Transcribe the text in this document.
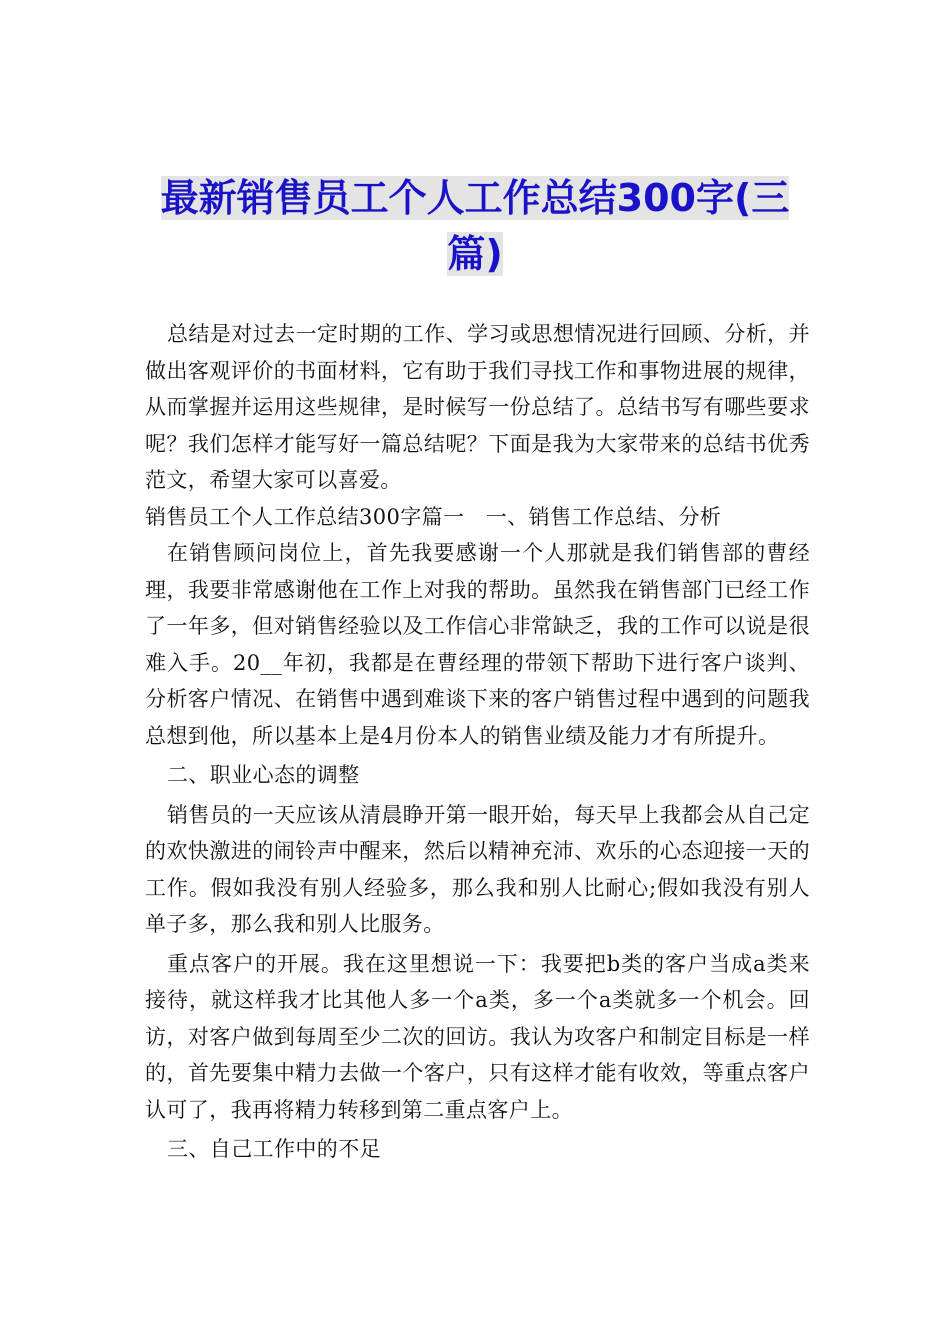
最新销售员工个人工作总结300字(三篇)

总结是对过去一定时期的工作、学习或思想情况进行回顾、分析，并做出客观评价的书面材料，它有助于我们寻找工作和事物进展的规律，从而掌握并运用这些规律，是时候写一份总结了。总结书写有哪些要求呢？我们怎样才能写好一篇总结呢？下面是我为大家带来的总结书优秀范文，希望大家可以喜爱。

销售员工个人工作总结300字篇一　一、销售工作总结、分析

在销售顾问岗位上，首先我要感谢一个人那就是我们销售部的曹经理，我要非常感谢他在工作上对我的帮助。虽然我在销售部门已经工作了一年多，但对销售经验以及工作信心非常缺乏，我的工作可以说是很难入手。20__年初，我都是在曹经理的带领下帮助下进行客户谈判、分析客户情况、在销售中遇到难谈下来的客户销售过程中遇到的问题我总想到他，所以基本上是4月份本人的销售业绩及能力才有所提升。

二、职业心态的调整

销售员的一天应该从清晨睁开第一眼开始，每天早上我都会从自己定的欢快激进的闹铃声中醒来，然后以精神充沛、欢乐的心态迎接一天的工作。假如我没有别人经验多，那么我和别人比耐心;假如我没有别人单子多，那么我和别人比服务。

重点客户的开展。我在这里想说一下：我要把b类的客户当成a类来接待，就这样我才比其他人多一个a类，多一个a类就多一个机会。回访，对客户做到每周至少二次的回访。我认为攻客户和制定目标是一样的，首先要集中精力去做一个客户，只有这样才能有收效，等重点客户认可了，我再将精力转移到第二重点客户上。

三、自己工作中的不足
